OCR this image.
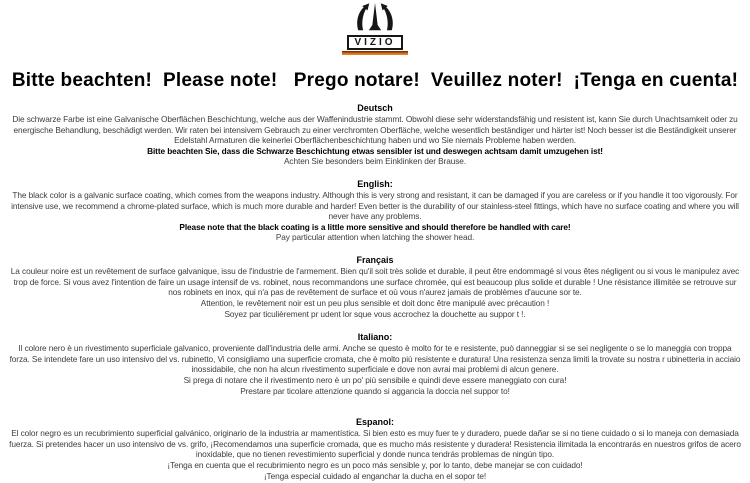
VIZIO
Bitte beachten!  Please note!   Prego notare!  Veuillez noter!  ¡Tenga en cuenta!
Deutsch

Die schwarze Farbe ist eine Galvanische Oberflächen Beschichtung, welche aus der Waffenindustrie stammt. Obwohl diese sehr widerstandsfähig und resistent ist, kann Sie durch Unachtsamkeit oder zu energische Behandlung, beschädigt werden. Wir raten bei intensivem Gebrauch zu einer verchromten Oberfläche, welche wesentlich beständiger und härter ist! Noch besser ist die Beständigkeit unserer Edelstahl Armaturen die keinerlei Oberflächenbeschichtung haben und wo Sie niemals Probleme haben werden.

Bitte beachten Sie, dass die Schwarze Beschichtung etwas sensibler ist und deswegen achtsam damit umzugehen ist!

Achten Sie besonders beim Einklinken der Brause.

English:

The black color is a galvanic surface coating, which comes from the weapons industry. Although this is very strong and resistant, it can be damaged if you are careless or if you handle it too vigorously. For intensive use, we recommend a chrome-plated surface, which is much more durable and harder! Even better is the durability of our stainless-steel fittings, which have no surface coating and where you will never have any problems.

Please note that the black coating is a little more sensitive and should therefore be handled with care!

Pay particular attention when latching the shower head.

Français

La couleur noire est un revêtement de surface galvanique, issu de l'industrie de l'armement. Bien qu'il soit très solide et durable, il peut être endommagé si vous êtes négligent ou si vous le manipulez avec trop de force. Si vous avez l'intention de faire un usage intensif de vs. robinet, nous recommandons une surface chromée, qui est beaucoup plus solide et durable ! Une résistance illimitée se retrouve sur nos robinets en inox, qui n'a pas de revêtement de surface et où vous n'aurez jamais de problèmes d'aucune sor te.

Attention, le revêtement noir est un peu plus sensible et doit donc être manipulé avec précaution !

Soyez par ticulièrement pr udent lor sque vous accrochez la douchette au suppor t !.

Italiano:

Il colore nero è un rivestimento superficiale galvanico, proveniente dall'industria delle armi. Anche se questo è molto for te e resistente, può danneggiar si se sei negligente o se lo maneggia con troppa forza. Se intendete fare un uso intensivo del vs. rubinetto, Vi consigliamo una superficie cromata, che è molto più resistente e duratura! Una resistenza senza limiti la trovate su nostra r ubinetteria in acciaio inossidabile, che non ha alcun rivestimento superficiale e dove non avrai mai problemi di alcun genere.

Si prega di notare che il rivestimento nero è un po' più sensibile e quindi deve essere maneggiato con cura!

Prestare par ticolare attenzione quando si aggancia la doccia nel suppor to!

Espanol:

El color negro es un recubrimiento superficial galvánico, originario de la industria ar mamentística. Si bien esto es muy fuer te y duradero, puede dañar se si no tiene cuidado o si lo maneja con demasiada fuerza. Si pretendes hacer un uso intensivo de vs. grifo, ¡Recomendamos una superficie cromada, que es mucho más resistente y duradera! Resistencia ilimitada la encontrarás en nuestros grifos de acero inoxidable, que no tienen revestimiento superficial y donde nunca tendrás problemas de ningún tipo.

¡Tenga en cuenta que el recubrimiento negro es un poco más sensible y, por lo tanto, debe manejar se con cuidado!

¡Tenga especial cuidado al enganchar la ducha en el sopor te!
